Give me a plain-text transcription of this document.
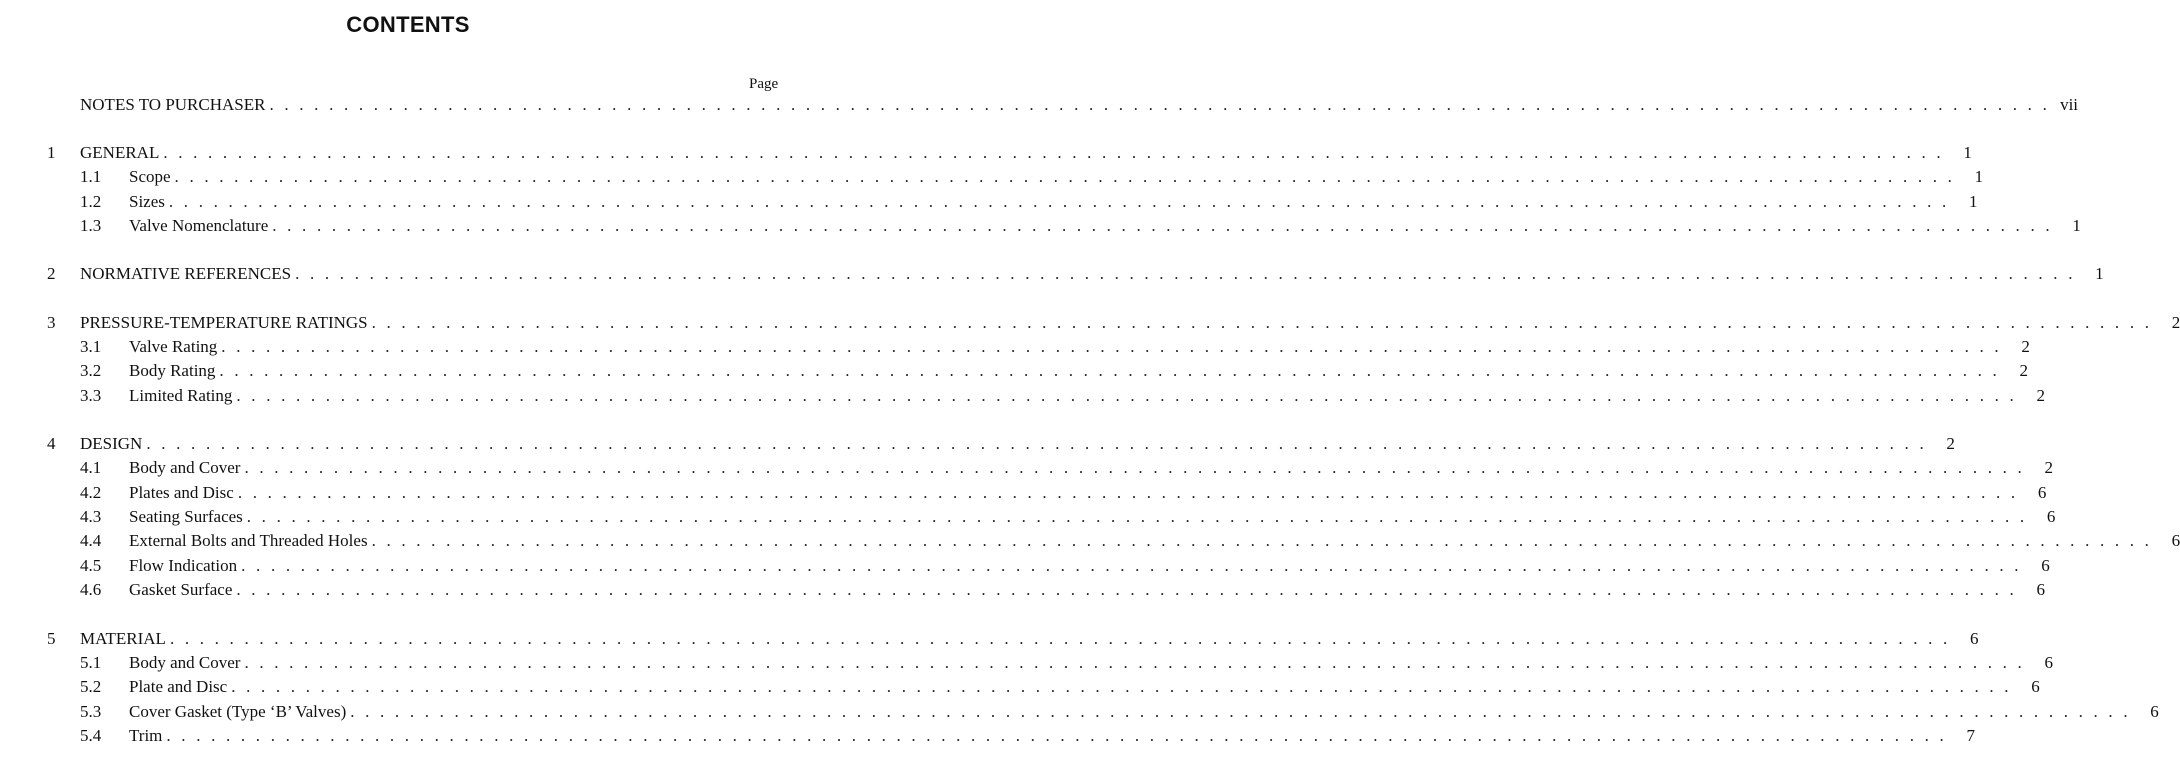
CONTENTS
Page
NOTES TO PURCHASER . . . . . . . . . . . . . . . . . . . . . . . . . . . . . . . . . . . . . . . . . . . . . . . . . . . . . . . . . . . . . . . . . . . . . . . . . . . . . . . . . . . . . . . . . . . . . . . . . . . . . . . . . . . . . . . . . . . . . . . . vii
1	GENERAL . . . . . . . . . . . . . . . . . . . . . . . . . . . . . . . . . . . . . . . . . . . . . . . . . . . . . . . . . . . . . . . . . . . . . . . . . . . . . . . . . . . . . . . . . . . . . . . . . . . . . . . . . . . . . . . . . . . . . . . .	1
1.1 Scope . . . . . . . . . . . . . . . . . . . . . . . . . . . . . . . . . . . . . . . . . . . . . . . . . . . . . . . . . . . . . . . . . . . . . . . . . . . . . . . . . . . . . . . . . . . . . . . . . . . . . . . . . . . . . . . . . . . . . . . .	1
1.2 Sizes . . . . . . . . . . . . . . . . . . . . . . . . . . . . . . . . . . . . . . . . . . . . . . . . . . . . . . . . . . . . . . . . . . . . . . . . . . . . . . . . . . . . . . . . . . . . . . . . . . . . . . . . . . . . . . . . . . . . . . . .	1
1.3 Valve Nomenclature . . . . . . . . . . . . . . . . . . . . . . . . . . . . . . . . . . . . . . . . . . . . . . . . . . . . . . . . . . . . . . . . . . . . . . . . . . . . . . . . . . . . . . . . . . . . . . . . . . . . . . . . . . . . . . . . . . . . . . . .	1
2	NORMATIVE REFERENCES . . . . . . . . . . . . . . . . . . . . . . . . . . . . . . . . . . . . . . . . . . . . . . . . . . . . . . . . . . . . . . . . . . . . . . . . . . . . . . . . . . . . . . . . . . . . . . . . . . . . . . . . . . . . . . . . . . . . . . . .	1
3	PRESSURE-TEMPERATURE RATINGS . . . . . . . . . . . . . . . . . . . . . . . . . . . . . . . . . . . . . . . . . . . . . . . . . . . . . . . . . . . . . . . . . . . . . . . . . . . . . . . . . . . . . . . . . . . . . . . . . . . . . . . . . . . . . . . . . . . . . . . .	2
3.1 Valve Rating . . . . . . . . . . . . . . . . . . . . . . . . . . . . . . . . . . . . . . . . . . . . . . . . . . . . . . . . . . . . . . . . . . . . . . . . . . . . . . . . . . . . . . . . . . . . . . . . . . . . . . . . . . . . . . . . . . . . . . . .	2
3.2 Body Rating . . . . . . . . . . . . . . . . . . . . . . . . . . . . . . . . . . . . . . . . . . . . . . . . . . . . . . . . . . . . . . . . . . . . . . . . . . . . . . . . . . . . . . . . . . . . . . . . . . . . . . . . . . . . . . . . . . . . . . . .	2
3.3 Limited Rating . . . . . . . . . . . . . . . . . . . . . . . . . . . . . . . . . . . . . . . . . . . . . . . . . . . . . . . . . . . . . . . . . . . . . . . . . . . . . . . . . . . . . . . . . . . . . . . . . . . . . . . . . . . . . . . . . . . . . . . .	2
4	DESIGN . . . . . . . . . . . . . . . . . . . . . . . . . . . . . . . . . . . . . . . . . . . . . . . . . . . . . . . . . . . . . . . . . . . . . . . . . . . . . . . . . . . . . . . . . . . . . . . . . . . . . . . . . . . . . . . . . . . . . . . .	2
4.1 Body and Cover . . . . . . . . . . . . . . . . . . . . . . . . . . . . . . . . . . . . . . . . . . . . . . . . . . . . . . . . . . . . . . . . . . . . . . . . . . . . . . . . . . . . . . . . . . . . . . . . . . . . . . . . . . . . . . . . . . . . . . . .	2
4.2 Plates and Disc . . . . . . . . . . . . . . . . . . . . . . . . . . . . . . . . . . . . . . . . . . . . . . . . . . . . . . . . . . . . . . . . . . . . . . . . . . . . . . . . . . . . . . . . . . . . . . . . . . . . . . . . . . . . . . . . . . . . . . . .	6
4.3 Seating Surfaces . . . . . . . . . . . . . . . . . . . . . . . . . . . . . . . . . . . . . . . . . . . . . . . . . . . . . . . . . . . . . . . . . . . . . . . . . . . . . . . . . . . . . . . . . . . . . . . . . . . . . . . . . . . . . . . . . . . . . . . .	6
4.4 External Bolts and Threaded Holes . . . . . . . . . . . . . . . . . . . . . . . . . . . . . . . . . . . . . . . . . . . . . . . . . . . . . . . . . . . . . . . . . . . . . . . . . . . . . . . . . . . . . . . . . . . . . . . . . . . . . . . . . . . . . . . . . . . . . . . .	6
4.5 Flow Indication . . . . . . . . . . . . . . . . . . . . . . . . . . . . . . . . . . . . . . . . . . . . . . . . . . . . . . . . . . . . . . . . . . . . . . . . . . . . . . . . . . . . . . . . . . . . . . . . . . . . . . . . . . . . . . . . . . . . . . . .	6
4.6 Gasket Surface . . . . . . . . . . . . . . . . . . . . . . . . . . . . . . . . . . . . . . . . . . . . . . . . . . . . . . . . . . . . . . . . . . . . . . . . . . . . . . . . . . . . . . . . . . . . . . . . . . . . . . . . . . . . . . . . . . . . . . . .	6
5	MATERIAL . . . . . . . . . . . . . . . . . . . . . . . . . . . . . . . . . . . . . . . . . . . . . . . . . . . . . . . . . . . . . . . . . . . . . . . . . . . . . . . . . . . . . . . . . . . . . . . . . . . . . . . . . . . . . . . . . . . . . . . .	6
5.1 Body and Cover . . . . . . . . . . . . . . . . . . . . . . . . . . . . . . . . . . . . . . . . . . . . . . . . . . . . . . . . . . . . . . . . . . . . . . . . . . . . . . . . . . . . . . . . . . . . . . . . . . . . . . . . . . . . . . . . . . . . . . . .	6
5.2 Plate and Disc . . . . . . . . . . . . . . . . . . . . . . . . . . . . . . . . . . . . . . . . . . . . . . . . . . . . . . . . . . . . . . . . . . . . . . . . . . . . . . . . . . . . . . . . . . . . . . . . . . . . . . . . . . . . . . . . . . . . . . . .	6
5.3 Cover Gasket (Type ‘B’ Valves) . . . . . . . . . . . . . . . . . . . . . . . . . . . . . . . . . . . . . . . . . . . . . . . . . . . . . . . . . . . . . . . . . . . . . . . . . . . . . . . . . . . . . . . . . . . . . . . . . . . . . . . . . . . . . . . . . . . . . . . .	6
5.4 Trim . . . . . . . . . . . . . . . . . . . . . . . . . . . . . . . . . . . . . . . . . . . . . . . . . . . . . . . . . . . . . . . . . . . . . . . . . . . . . . . . . . . . . . . . . . . . . . . . . . . . . . . . . . . . . . . . . . . . . . . .	7
